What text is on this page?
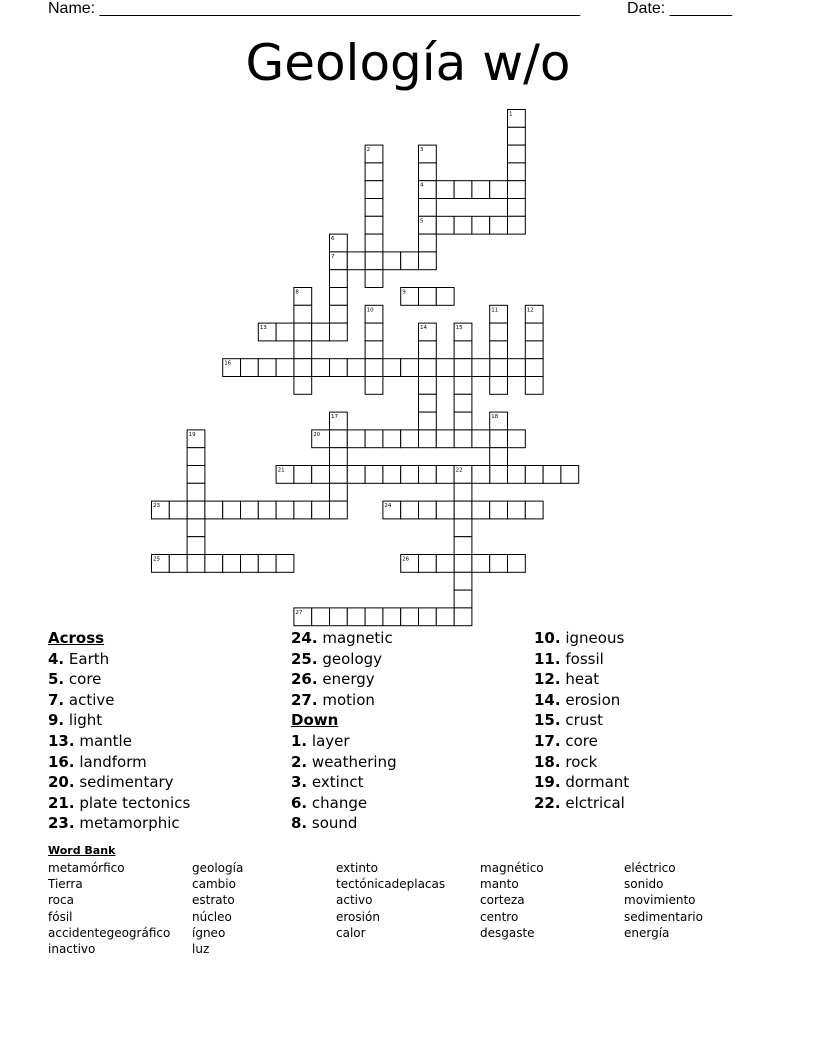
Name: ______________________________________________________	Date: _______
Geología w/o
1
2	3
4
5
6
7
8	9
10	11	12
13	14	15
16
17	18
19	20
21	22
23	24
25	26
27
Across
4. Earth
5. core
7. active
9. light
13. mantle
16. landform
20. sedimentary
21. plate tectonics
23. metamorphic
24. magnetic
25. geology
26. energy
27. motion
Down
1. layer
2. weathering
3. extinct
6. change
8. sound
10. igneous
11. fossil
12. heat
14. erosion
15. crust
17. core
18. rock
19. dormant
22. elctrical
Word Bank
metamórfico
Tierra
roca
fósil
accidentegeográfico
inactivo
geología
cambio
estrato
núcleo
ígneo
luz
extinto
tectónicadeplacas
activo
erosión
calor
magnético
manto
corteza
centro
desgaste
eléctrico
sonido
movimiento
sedimentario
energía
